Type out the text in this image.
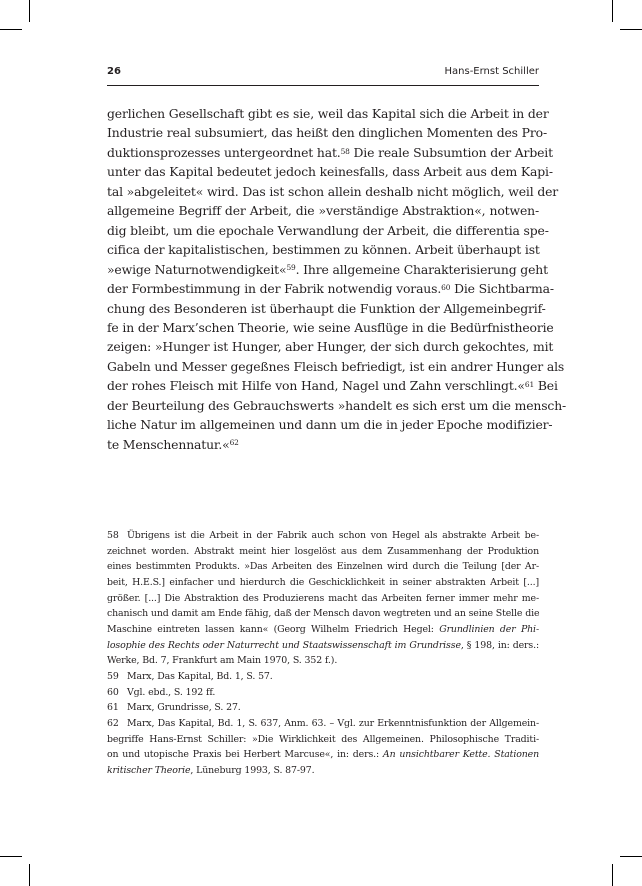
26	Hans-Ernst Schiller
gerlichen Gesellschaft gibt es sie, weil das Kapital sich die Arbeit in der
Industrie real subsumiert, das heißt den dinglichen Momenten des Pro-
duktionsprozesses untergeordnet hat.$^{58}$ Die reale Subsumtion der Arbeit
unter das Kapital bedeutet jedoch keinesfalls, dass Arbeit aus dem Kapi-
tal »abgeleitet« wird. Das ist schon allein deshalb nicht möglich, weil der
allgemeine Begriff der Arbeit, die »verständige Abstraktion«, notwen-
dig bleibt, um die epochale Verwandlung der Arbeit, die differentia spe-
cifica der kapitalistischen, bestimmen zu können. Arbeit überhaupt ist
»ewige Naturnotwendigkeit«$^{59}$. Ihre allgemeine Charakterisierung geht
der Formbestimmung in der Fabrik notwendig voraus.$^{60}$ Die Sichtbarma-
chung des Besonderen ist überhaupt die Funktion der Allgemeinbegrif-
fe in der Marx’schen Theorie, wie seine Ausflüge in die Bedürfnistheorie
zeigen: »Hunger ist Hunger, aber Hunger, der sich durch gekochtes, mit
Gabeln und Messer gegeßnes Fleisch befriedigt, ist ein andrer Hunger als
der rohes Fleisch mit Hilfe von Hand, Nagel und Zahn verschlingt.«$^{61}$ Bei
der Beurteilung des Gebrauchswerts »handelt es sich erst um die mensch-
liche Natur im allgemeinen und dann um die in jeder Epoche modifizier-
te Menschennatur.«$^{62}$
58 Übrigens ist die Arbeit in der Fabrik auch schon von Hegel als abstrakte Arbeit be-
zeichnet worden. Abstrakt meint hier losgelöst aus dem Zusammenhang der Produktion
eines bestimmten Produkts. »Das Arbeiten des Einzelnen wird durch die Teilung [der Ar-
beit, H.E.S.] einfacher und hierdurch die Geschicklichkeit in seiner abstrakten Arbeit [...]
größer. [...] Die Abstraktion des Produzierens macht das Arbeiten ferner immer mehr me-
chanisch und damit am Ende fähig, daß der Mensch davon wegtreten und an seine Stelle die
Maschine eintreten lassen kann« (Georg Wilhelm Friedrich Hegel: Grundlinien der Phi-
losophie des Rechts oder Naturrecht und Staatswissenschaft im Grundrisse, § 198, in: ders.:
Werke, Bd. 7, Frankfurt am Main 1970, S. 352 f.).
59 Marx, Das Kapital, Bd. 1, S. 57.
60 Vgl. ebd., S. 192 ff.
61 Marx, Grundrisse, S. 27.
62 Marx, Das Kapital, Bd. 1, S. 637, Anm. 63. – Vgl. zur Erkenntnisfunktion der Allgemein-
begriffe Hans-Ernst Schiller: »Die Wirklichkeit des Allgemeinen. Philosophische Traditi-
on und utopische Praxis bei Herbert Marcuse«, in: ders.: An unsichtbarer Kette. Stationen
kritischer Theorie, Lüneburg 1993, S. 87-97.
